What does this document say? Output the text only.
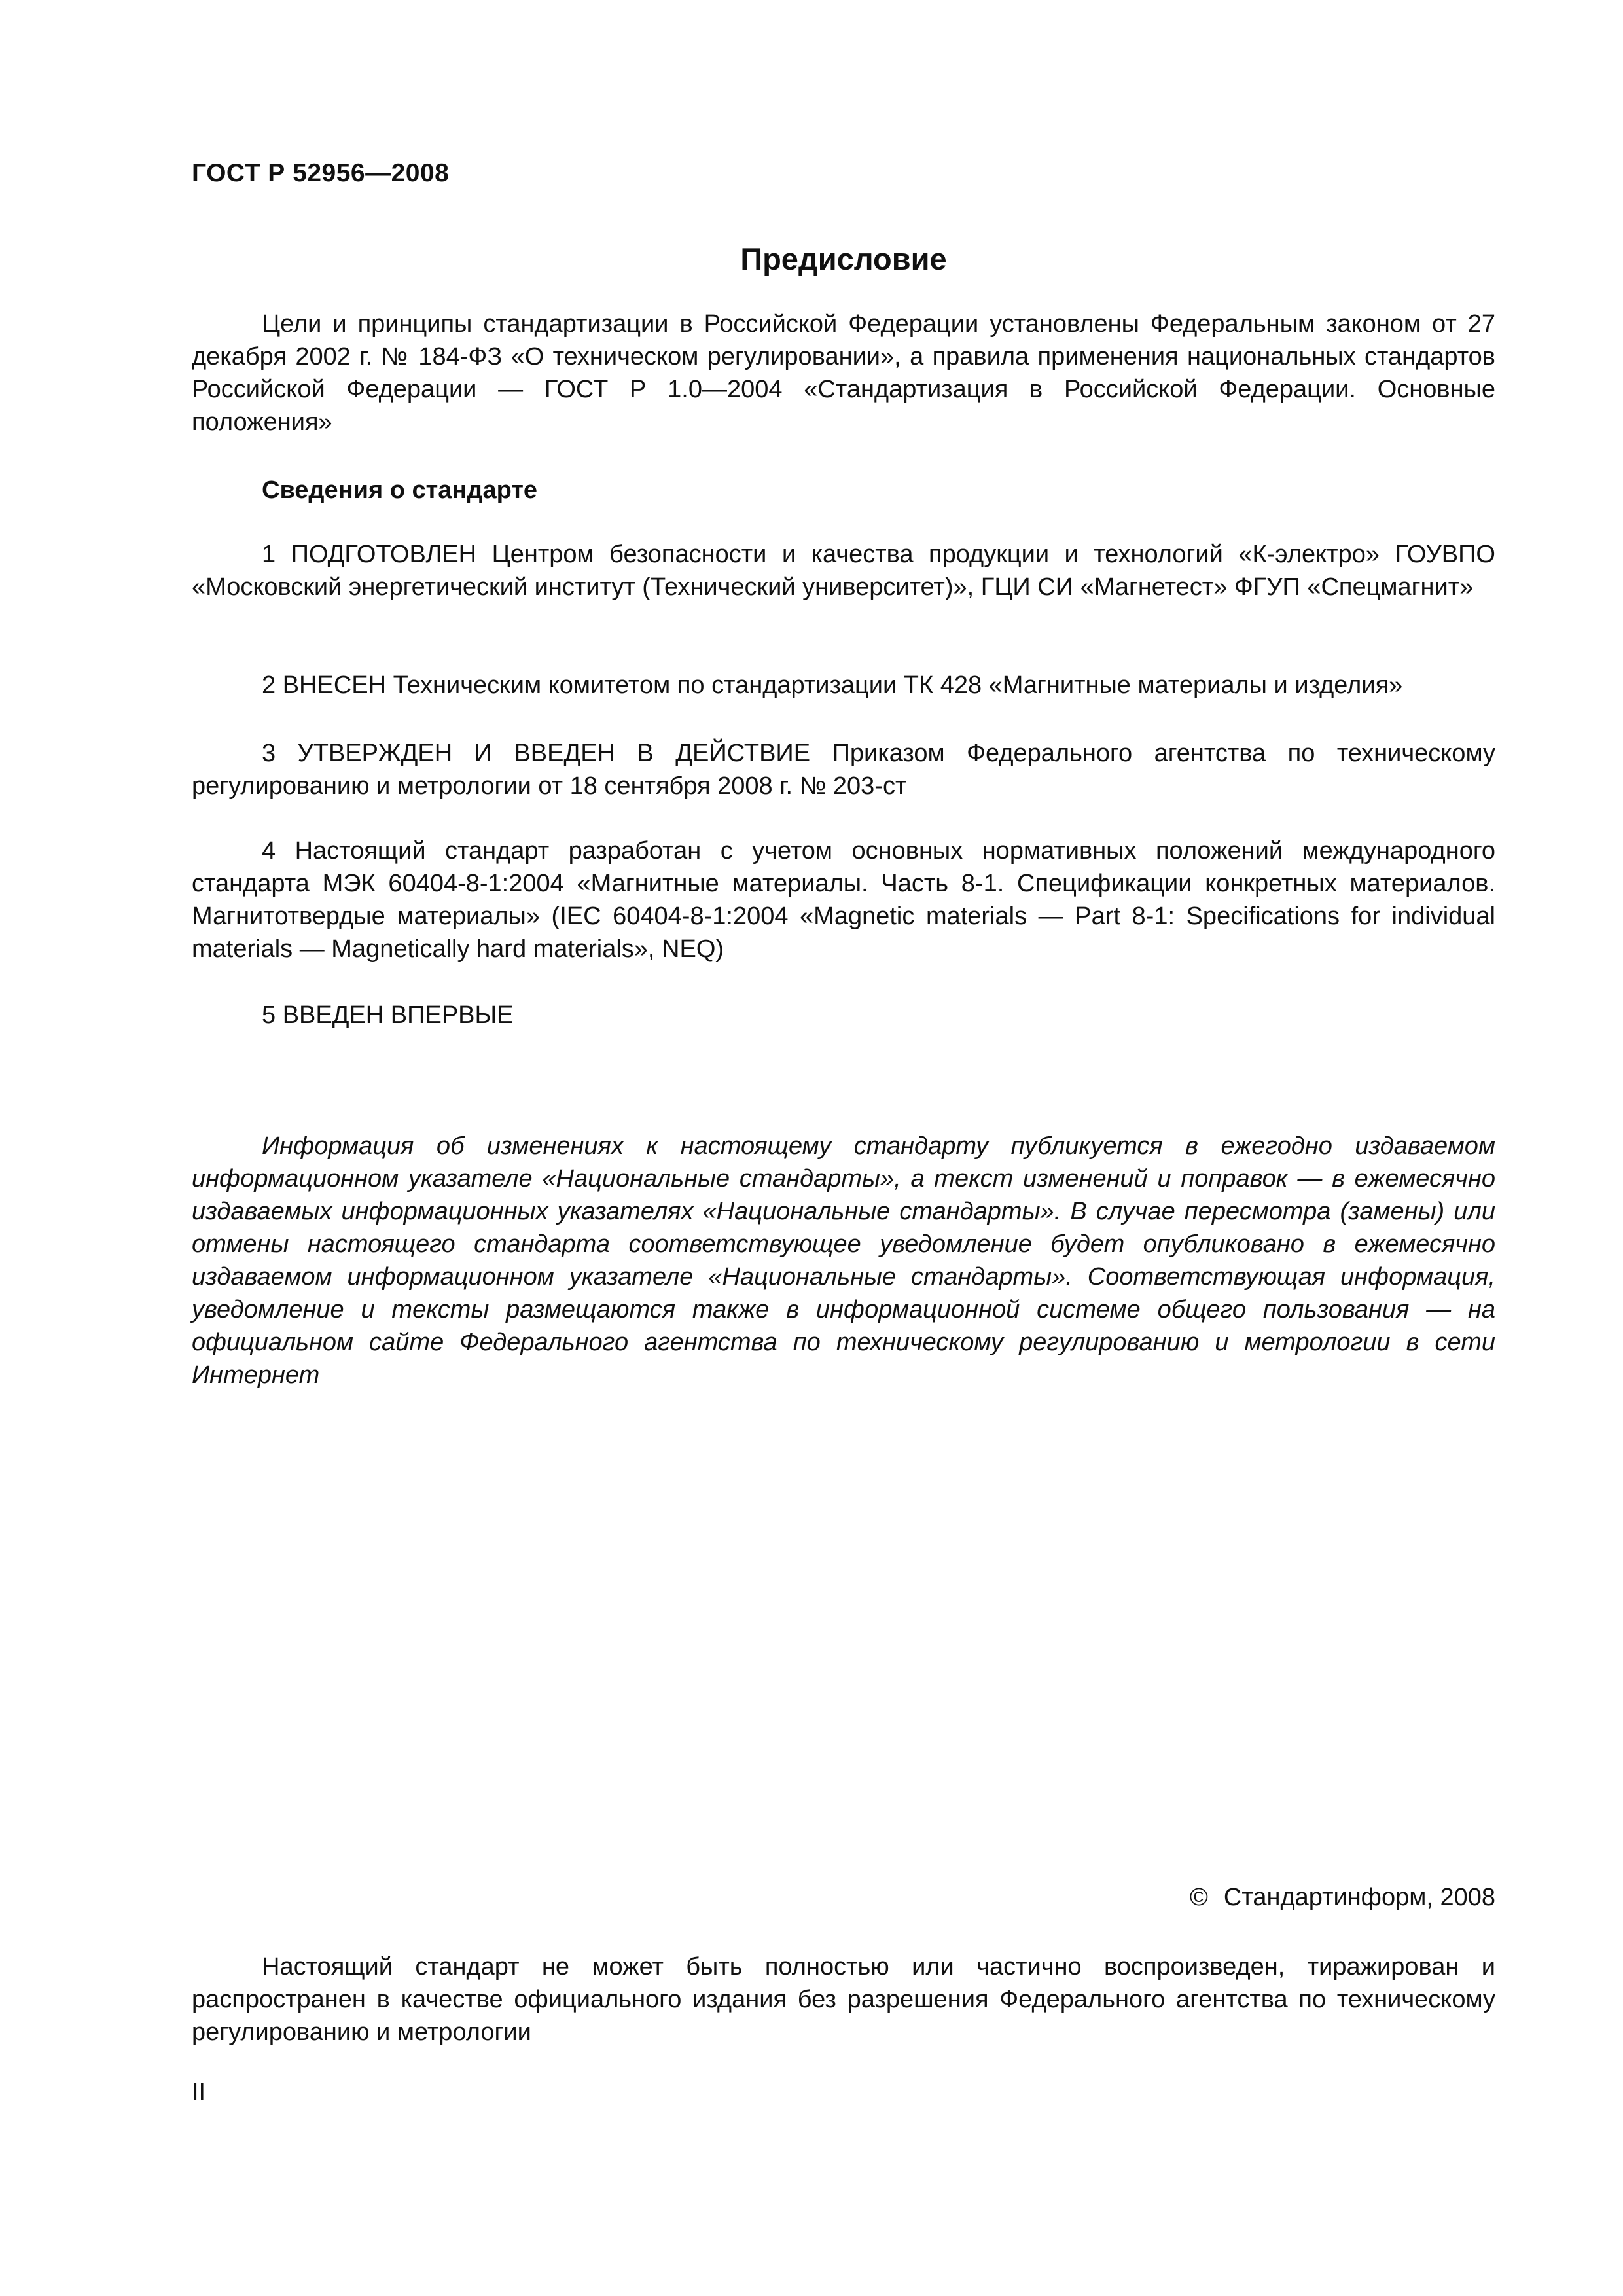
ГОСТ Р 52956—2008
Предисловие

Цели и принципы стандартизации в Российской Федерации установлены Федеральным законом от 27 декабря 2002 г. № 184-ФЗ «О техническом регулировании», а правила применения национальных стандартов Российской Федерации — ГОСТ Р 1.0—2004 «Стандартизация в Российской Федерации. Основные положения»

Сведения о стандарте

1 ПОДГОТОВЛЕН Центром безопасности и качества продукции и технологий «К-электро» ГОУВПО «Московский энергетический институт (Технический университет)», ГЦИ СИ «Магнетест» ФГУП «Спецмагнит»

2 ВНЕСЕН Техническим комитетом по стандартизации ТК 428 «Магнитные материалы и изделия»

3 УТВЕРЖДЕН И ВВЕДЕН В ДЕЙСТВИЕ Приказом Федерального агентства по техническому регулированию и метрологии от 18 сентября 2008 г. № 203-ст

4 Настоящий стандарт разработан с учетом основных нормативных положений международного стандарта МЭК 60404-8-1:2004 «Магнитные материалы. Часть 8-1. Спецификации конкретных материалов. Магнитотвердые материалы» (IEC 60404-8-1:2004 «Magnetic materials — Part 8-1: Specifications for individual materials — Magnetically hard materials», NEQ)

5 ВВЕДЕН ВПЕРВЫЕ

Информация об изменениях к настоящему стандарту публикуется в ежегодно издаваемом информационном указателе «Национальные стандарты», а текст изменений и поправок — в ежемесячно издаваемых информационных указателях «Национальные стандарты». В случае пересмотра (замены) или отмены настоящего стандарта соответствующее уведомление будет опубликовано в ежемесячно издаваемом информационном указателе «Национальные стандарты». Соответствующая информация, уведомление и тексты размещаются также в информационной системе общего пользования — на официальном сайте Федерального агентства по техническому регулированию и метрологии в сети Интернет

© Стандартинформ, 2008

Настоящий стандарт не может быть полностью или частично воспроизведен, тиражирован и распространен в качестве официального издания без разрешения Федерального агентства по техническому регулированию и метрологии

II
